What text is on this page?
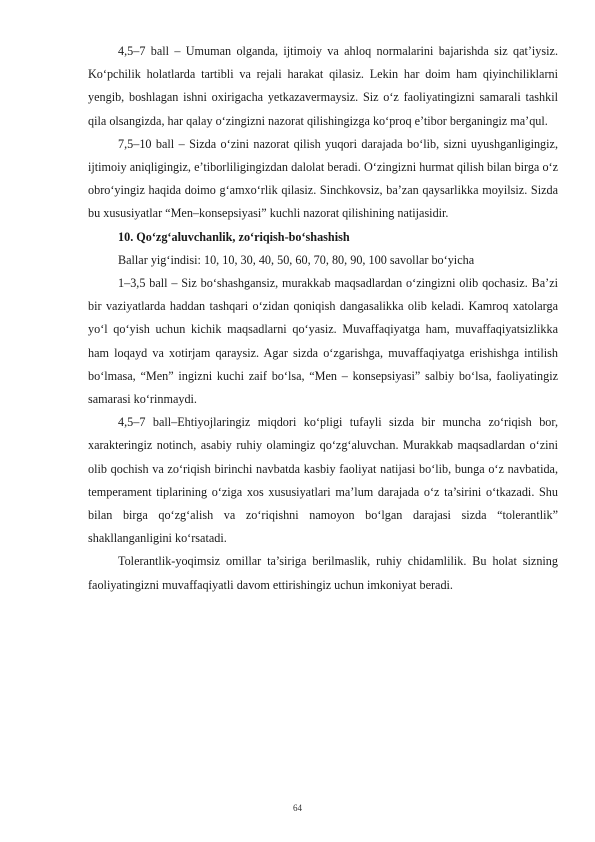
4,5–7 ball – Umuman olganda, ijtimoiy va ahloq normalarini bajarishda siz qat’iysiz. Ko‘pchilik holatlarda tartibli va rejali harakat qilasiz. Lekin har doim ham qiyinchiliklarni yengib, boshlagan ishni oxirigacha yetkazavermaysiz. Siz o‘z faoliyatingizni samarali tashkil qila olsangizda, har qalay o‘zingizni nazorat qilishingizga ko‘proq e’tibor berganingiz ma’qul.

7,5–10 ball – Sizda o‘zini nazorat qilish yuqori darajada bo‘lib, sizni uyushganligingiz, ijtimoiy aniqligingiz, e’tiborliligingizdan dalolat beradi. O‘zingizni hurmat qilish bilan birga o‘z obro‘yingiz haqida doimo g‘amxo‘rlik qilasiz. Sinchkovsiz, ba’zan qaysarlikka moyilsiz. Sizda bu xususiyatlar “Men–konsepsiyasi” kuchli nazorat qilishining natijasidir.

10. Qo‘zg‘aluvchanlik, zo‘riqish-bo‘shashish

Ballar yig‘indisi: 10, 10, 30, 40, 50, 60, 70, 80, 90, 100 savollar bo‘yicha

1–3,5 ball – Siz bo‘shashgansiz, murakkab maqsadlardan o‘zingizni olib qochasiz. Ba’zi bir vaziyatlarda haddan tashqari o‘zidan qoniqish dangasalikka olib keladi. Kamroq xatolarga yo‘l qo‘yish uchun kichik maqsadlarni qo‘yasiz. Muvaffaqiyatga ham, muvaffaqiyatsizlikka ham loqayd va xotirjam qaraysiz. Agar sizda o‘zgarishga, muvaffaqiyatga erishishga intilish bo‘lmasa, “Men” ingizni kuchi zaif bo‘lsa, “Men – konsepsiyasi” salbiy bo‘lsa, faoliyatingiz samarasi ko‘rinmaydi.

4,5–7 ball–Ehtiyojlaringiz miqdori ko‘pligi tufayli sizda bir muncha zo‘riqish bor, xarakteringiz notinch, asabiy ruhiy olamingiz qo‘zg‘aluvchan. Murakkab maqsadlardan o‘zini olib qochish va zo‘riqish birinchi navbatda kasbiy faoliyat natijasi bo‘lib, bunga o‘z navbatida, temperament tiplarining o‘ziga xos xususiyatlari ma’lum darajada o‘z ta’sirini o‘tkazadi. Shu bilan birga qo‘zg‘alish va zo‘riqishni namoyon bo‘lgan darajasi sizda “tolerantlik” shakllanganligini ko‘rsatadi.

Tolerantlik-yoqimsiz omillar ta’siriga berilmaslik, ruhiy chidamlilik. Bu holat sizning faoliyatingizni muvaffaqiyatli davom ettirishingiz uchun imkoniyat beradi.

64
